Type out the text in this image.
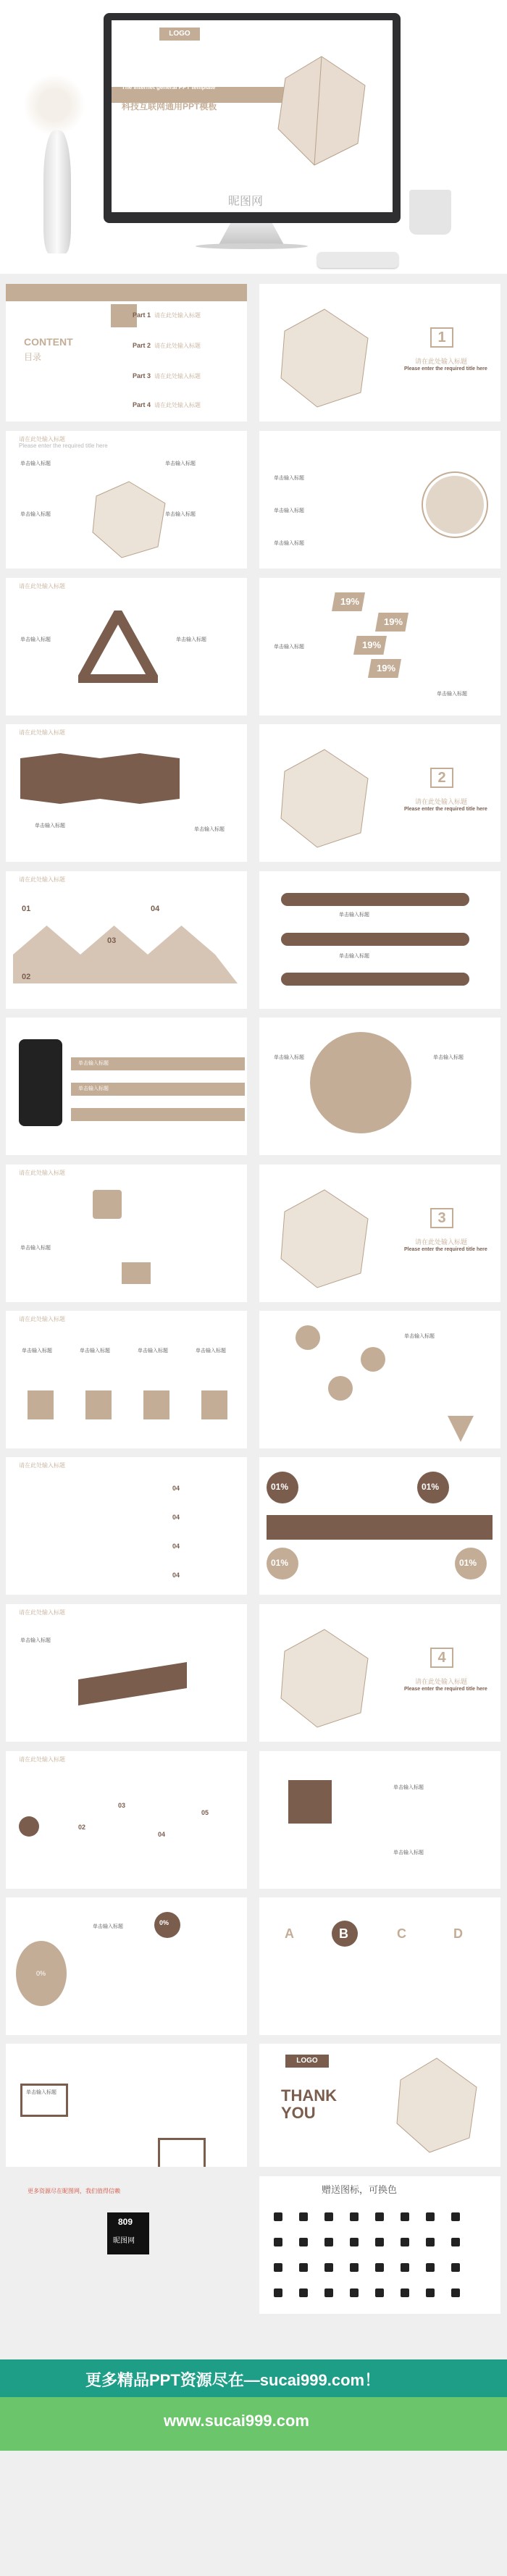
LOGO
The internet general PPT template
科技互联网通用PPT模板
昵图网
CONTENT
目录
Part 1 请在此处输入标题
Part 2 请在此处输入标题
Part 3 请在此处输入标题
Part 4 请在此处输入标题
1
请在此处输入标题
Please enter the required title here
请在此处输入标题
Please enter the required title here
单击输入标题	单击输入标题
单击输入标题	单击输入标题
单击输入标题
单击输入标题
单击输入标题
请在此处输入标题
单击输入标题	单击输入标题
19%
19%
19%
19%
单击输入标题
单击输入标题
请在此处输入标题
单击输入标题
单击输入标题
2
请在此处输入标题
Please enter the required title here
请在此处输入标题
01
02
03
04
单击输入标题
单击输入标题
单击输入标题
单击输入标题
单击输入标题	单击输入标题
请在此处输入标题
单击输入标题
3
请在此处输入标题
Please enter the required title here
请在此处输入标题
单击输入标题	单击输入标题	单击输入标题	单击输入标题
单击输入标题
请在此处输入标题
04
04
04
04
01%	01%
01%	01%
请在此处输入标题
单击输入标题
4
请在此处输入标题
Please enter the required title here
请在此处输入标题
02
03
04
05
单击输入标题
单击输入标题
0%
0%
单击输入标题	A	B	C	D
单击输入标题
LOGO
THANK YOU
更多资源尽在昵图网，我们值得信赖
809
昵图网
赠送图标，可换色
更多精品PPT资源尽在—sucai999.com！
www.sucai999.com
